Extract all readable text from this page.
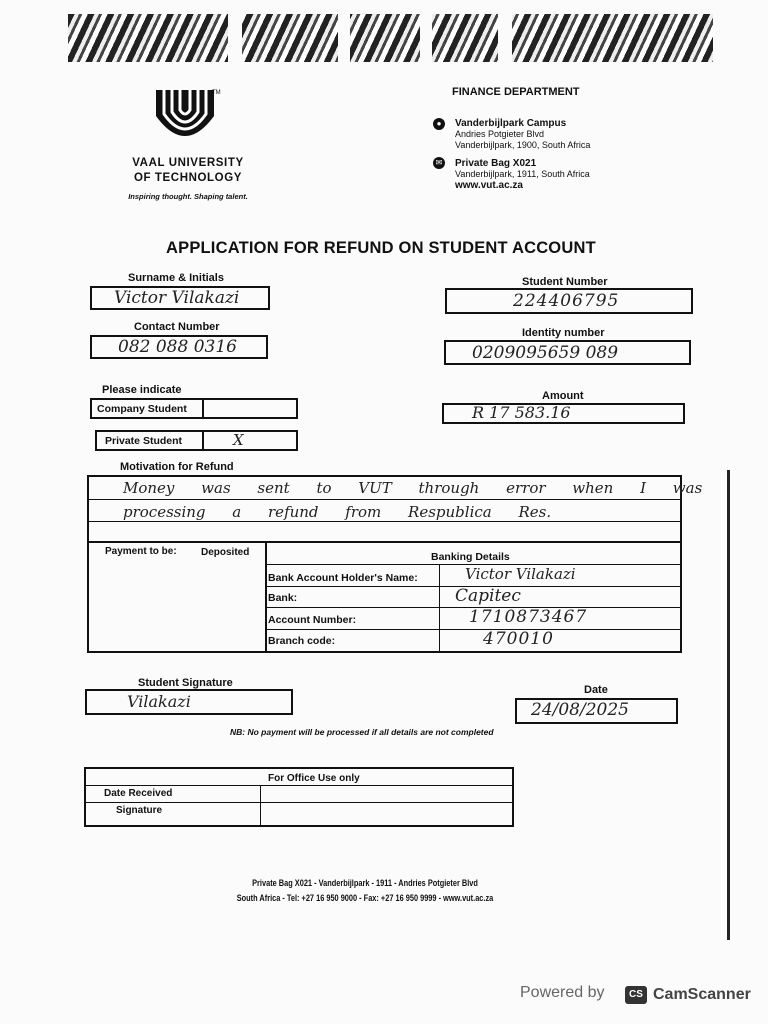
TM
VAAL UNIVERSITY
OF TECHNOLOGY
Inspiring thought. Shaping talent.
FINANCE DEPARTMENT
●	Vanderbijlpark Campus
Andries Potgieter Blvd
Vanderbijlpark, 1900, South Africa
✉ Private Bag X021
Vanderbijlpark, 1911, South Africa
www.vut.ac.za
APPLICATION FOR REFUND ON STUDENT ACCOUNT
Surname & Initials
Victor Vilakazi
Student Number
224406795
Contact Number
082 088 0316
Identity number
0209095659 089
Please indicate
Company Student
Private Student	X
Amount
R 17 583.16
Motivation for Refund
Money was sent to VUT through error when I was
processing a refund from Respublica Res.
Payment to be: Deposited	Banking Details
Bank Account Holder's Name:	Victor Vilakazi
Bank:	Capitec
Account Number:	1710873467
Branch code:	470010
Student Signature
Vilakazi
Date
24/08/2025
NB: No payment will be processed if all details are not completed
For Office Use only
Date Received
Signature
Private Bag X021 - Vanderbijlpark - 1911 - Andries Potgieter Blvd
South Africa - Tel: +27 16 950 9000 - Fax: +27 16 950 9999 - www.vut.ac.za
Powered by	CS CamScanner
